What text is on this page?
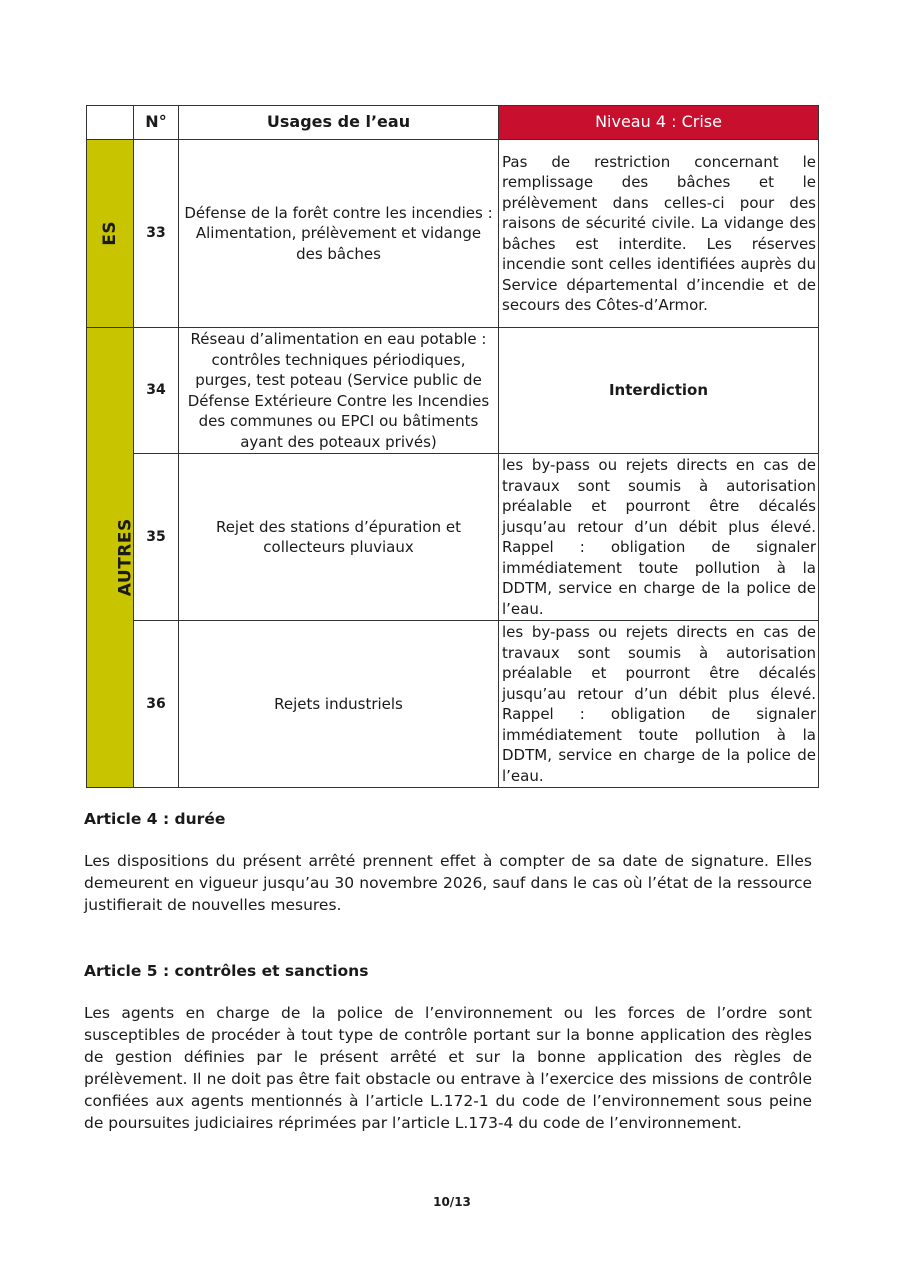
	N°	Usages de l’eau	Niveau 4 : Crise
ES	33	Défense de la forêt contre les incendies : Alimentation, prélèvement et vidange des bâches	Pas de restriction concernant le remplissage des bâches et le prélèvement dans celles-ci pour des raisons de sécurité civile. La vidange des bâches est interdite. Les réserves incendie sont celles identifiées auprès du Service départemental d’incendie et de secours des Côtes-d’Armor.
AUTRES	34	Réseau d’alimentation en eau potable : contrôles techniques périodiques, purges, test poteau (Service public de Défense Extérieure Contre les Incendies des communes ou EPCI ou bâtiments ayant des poteaux privés)	Interdiction
	35	Rejet des stations d’épuration et collecteurs pluviaux	les by-pass ou rejets directs en cas de travaux sont soumis à autorisation préalable et pourront être décalés jusqu’au retour d’un débit plus élevé. Rappel : obligation de signaler immédiatement toute pollution à la DDTM, service en charge de la police de l’eau.
	36	Rejets industriels	les by-pass ou rejets directs en cas de travaux sont soumis à autorisation préalable et pourront être décalés jusqu’au retour d’un débit plus élevé. Rappel : obligation de signaler immédiatement toute pollution à la DDTM, service en charge de la police de l’eau.
Article 4 : durée

Les dispositions du présent arrêté prennent effet à compter de sa date de signature. Elles demeurent en vigueur jusqu’au 30 novembre 2026, sauf dans le cas où l’état de la ressource justifierait de nouvelles mesures.

Article 5 : contrôles et sanctions

Les agents en charge de la police de l’environnement ou les forces de l’ordre sont susceptibles de procéder à tout type de contrôle portant sur la bonne application des règles de gestion définies par le présent arrêté et sur la bonne application des règles de prélèvement. Il ne doit pas être fait obstacle ou entrave à l’exercice des missions de contrôle confiées aux agents mentionnés à l’article L.172-1 du code de l’environnement sous peine de poursuites judiciaires réprimées par l’article L.173-4 du code de l’environnement.

10/13
